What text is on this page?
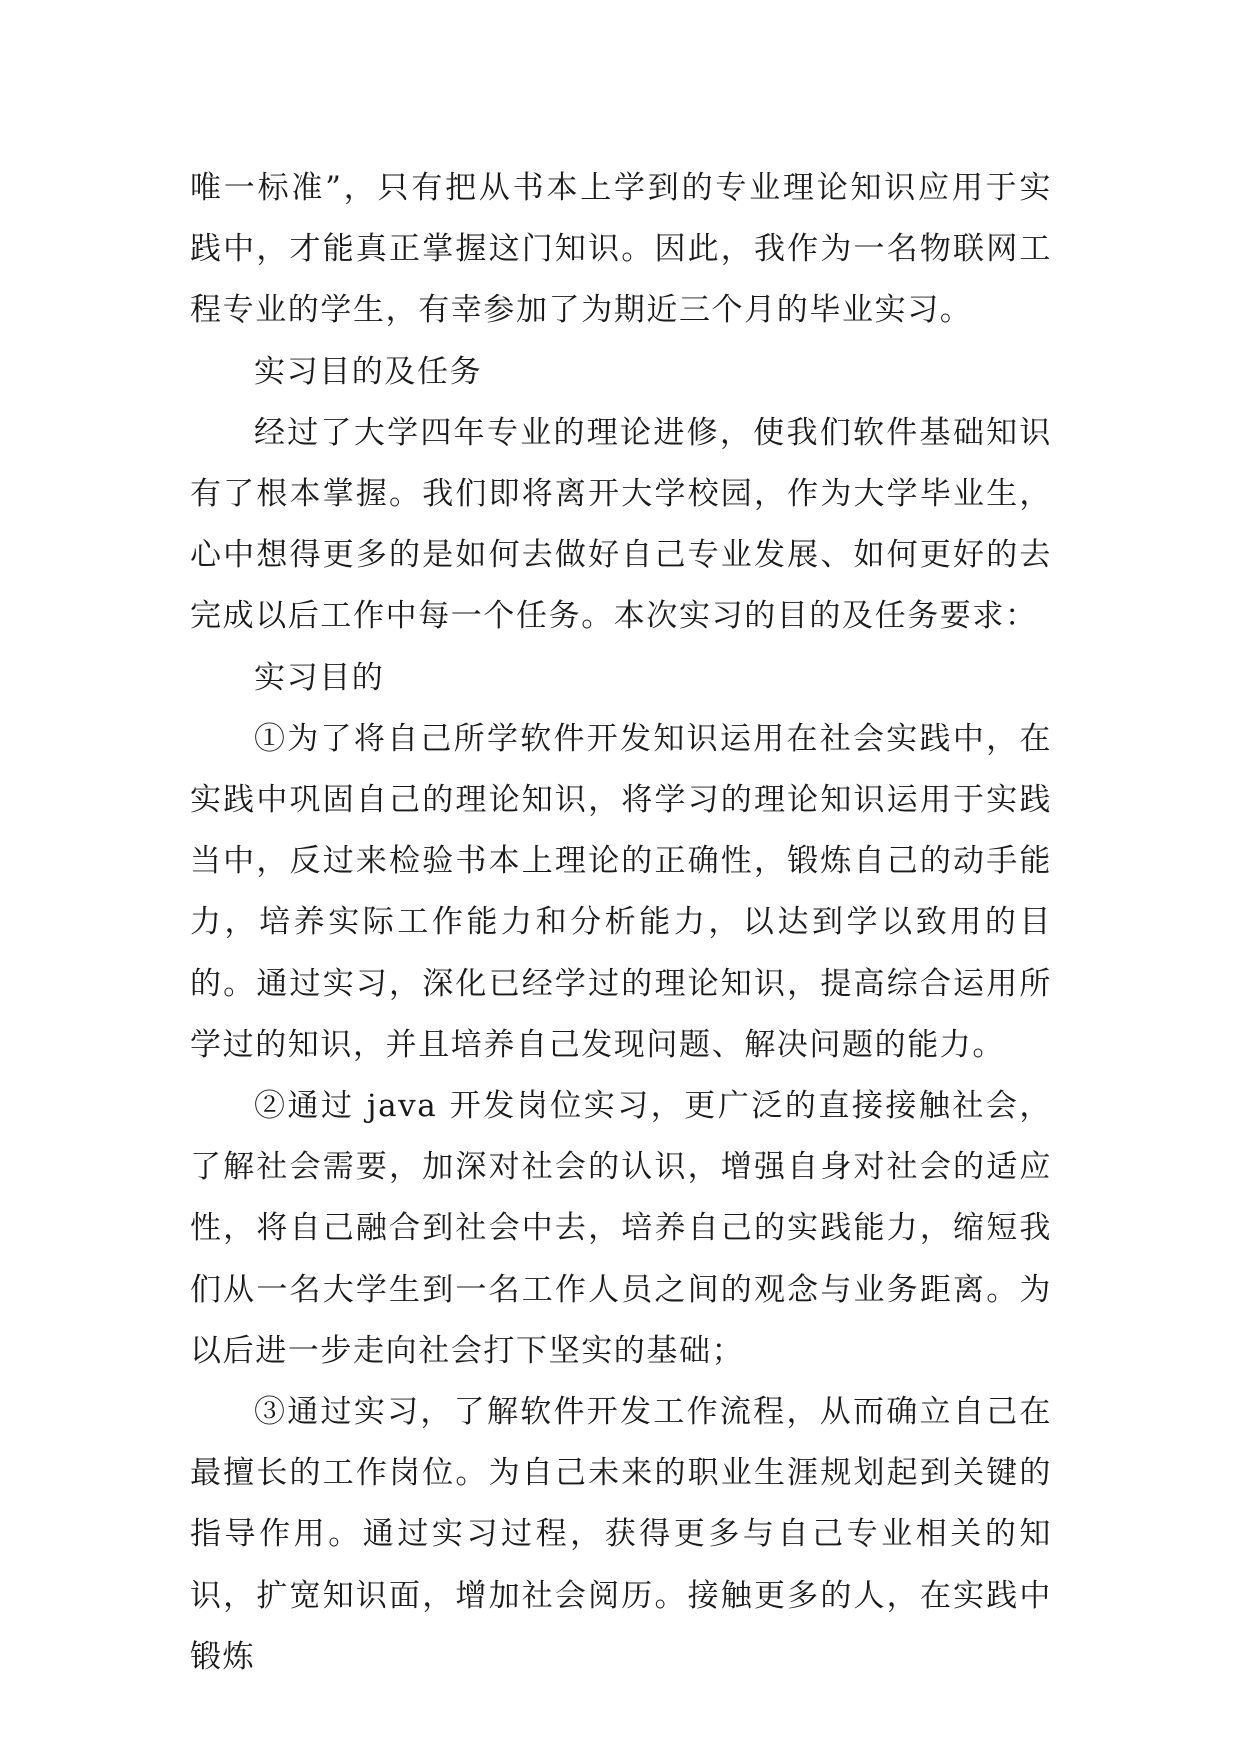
唯一标准”，只有把从书本上学到的专业理论知识应用于实践中，才能真正掌握这门知识。因此，我作为一名物联网工程专业的学生，有幸参加了为期近三个月的毕业实习。

实习目的及任务

经过了大学四年专业的理论进修，使我们软件基础知识有了根本掌握。我们即将离开大学校园，作为大学毕业生，心中想得更多的是如何去做好自己专业发展、如何更好的去完成以后工作中每一个任务。本次实习的目的及任务要求：

实习目的

①为了将自己所学软件开发知识运用在社会实践中，在实践中巩固自己的理论知识，将学习的理论知识运用于实践当中，反过来检验书本上理论的正确性，锻炼自己的动手能力，培养实际工作能力和分析能力，以达到学以致用的目的。通过实习，深化已经学过的理论知识，提高综合运用所学过的知识，并且培养自己发现问题、解决问题的能力。

②通过 java 开发岗位实习，更广泛的直接接触社会，了解社会需要，加深对社会的认识，增强自身对社会的适应性，将自己融合到社会中去，培养自己的实践能力，缩短我们从一名大学生到一名工作人员之间的观念与业务距离。为以后进一步走向社会打下坚实的基础；

③通过实习，了解软件开发工作流程，从而确立自己在最擅长的工作岗位。为自己未来的职业生涯规划起到关键的指导作用。通过实习过程，获得更多与自己专业相关的知识，扩宽知识面，增加社会阅历。接触更多的人，在实践中锻炼
